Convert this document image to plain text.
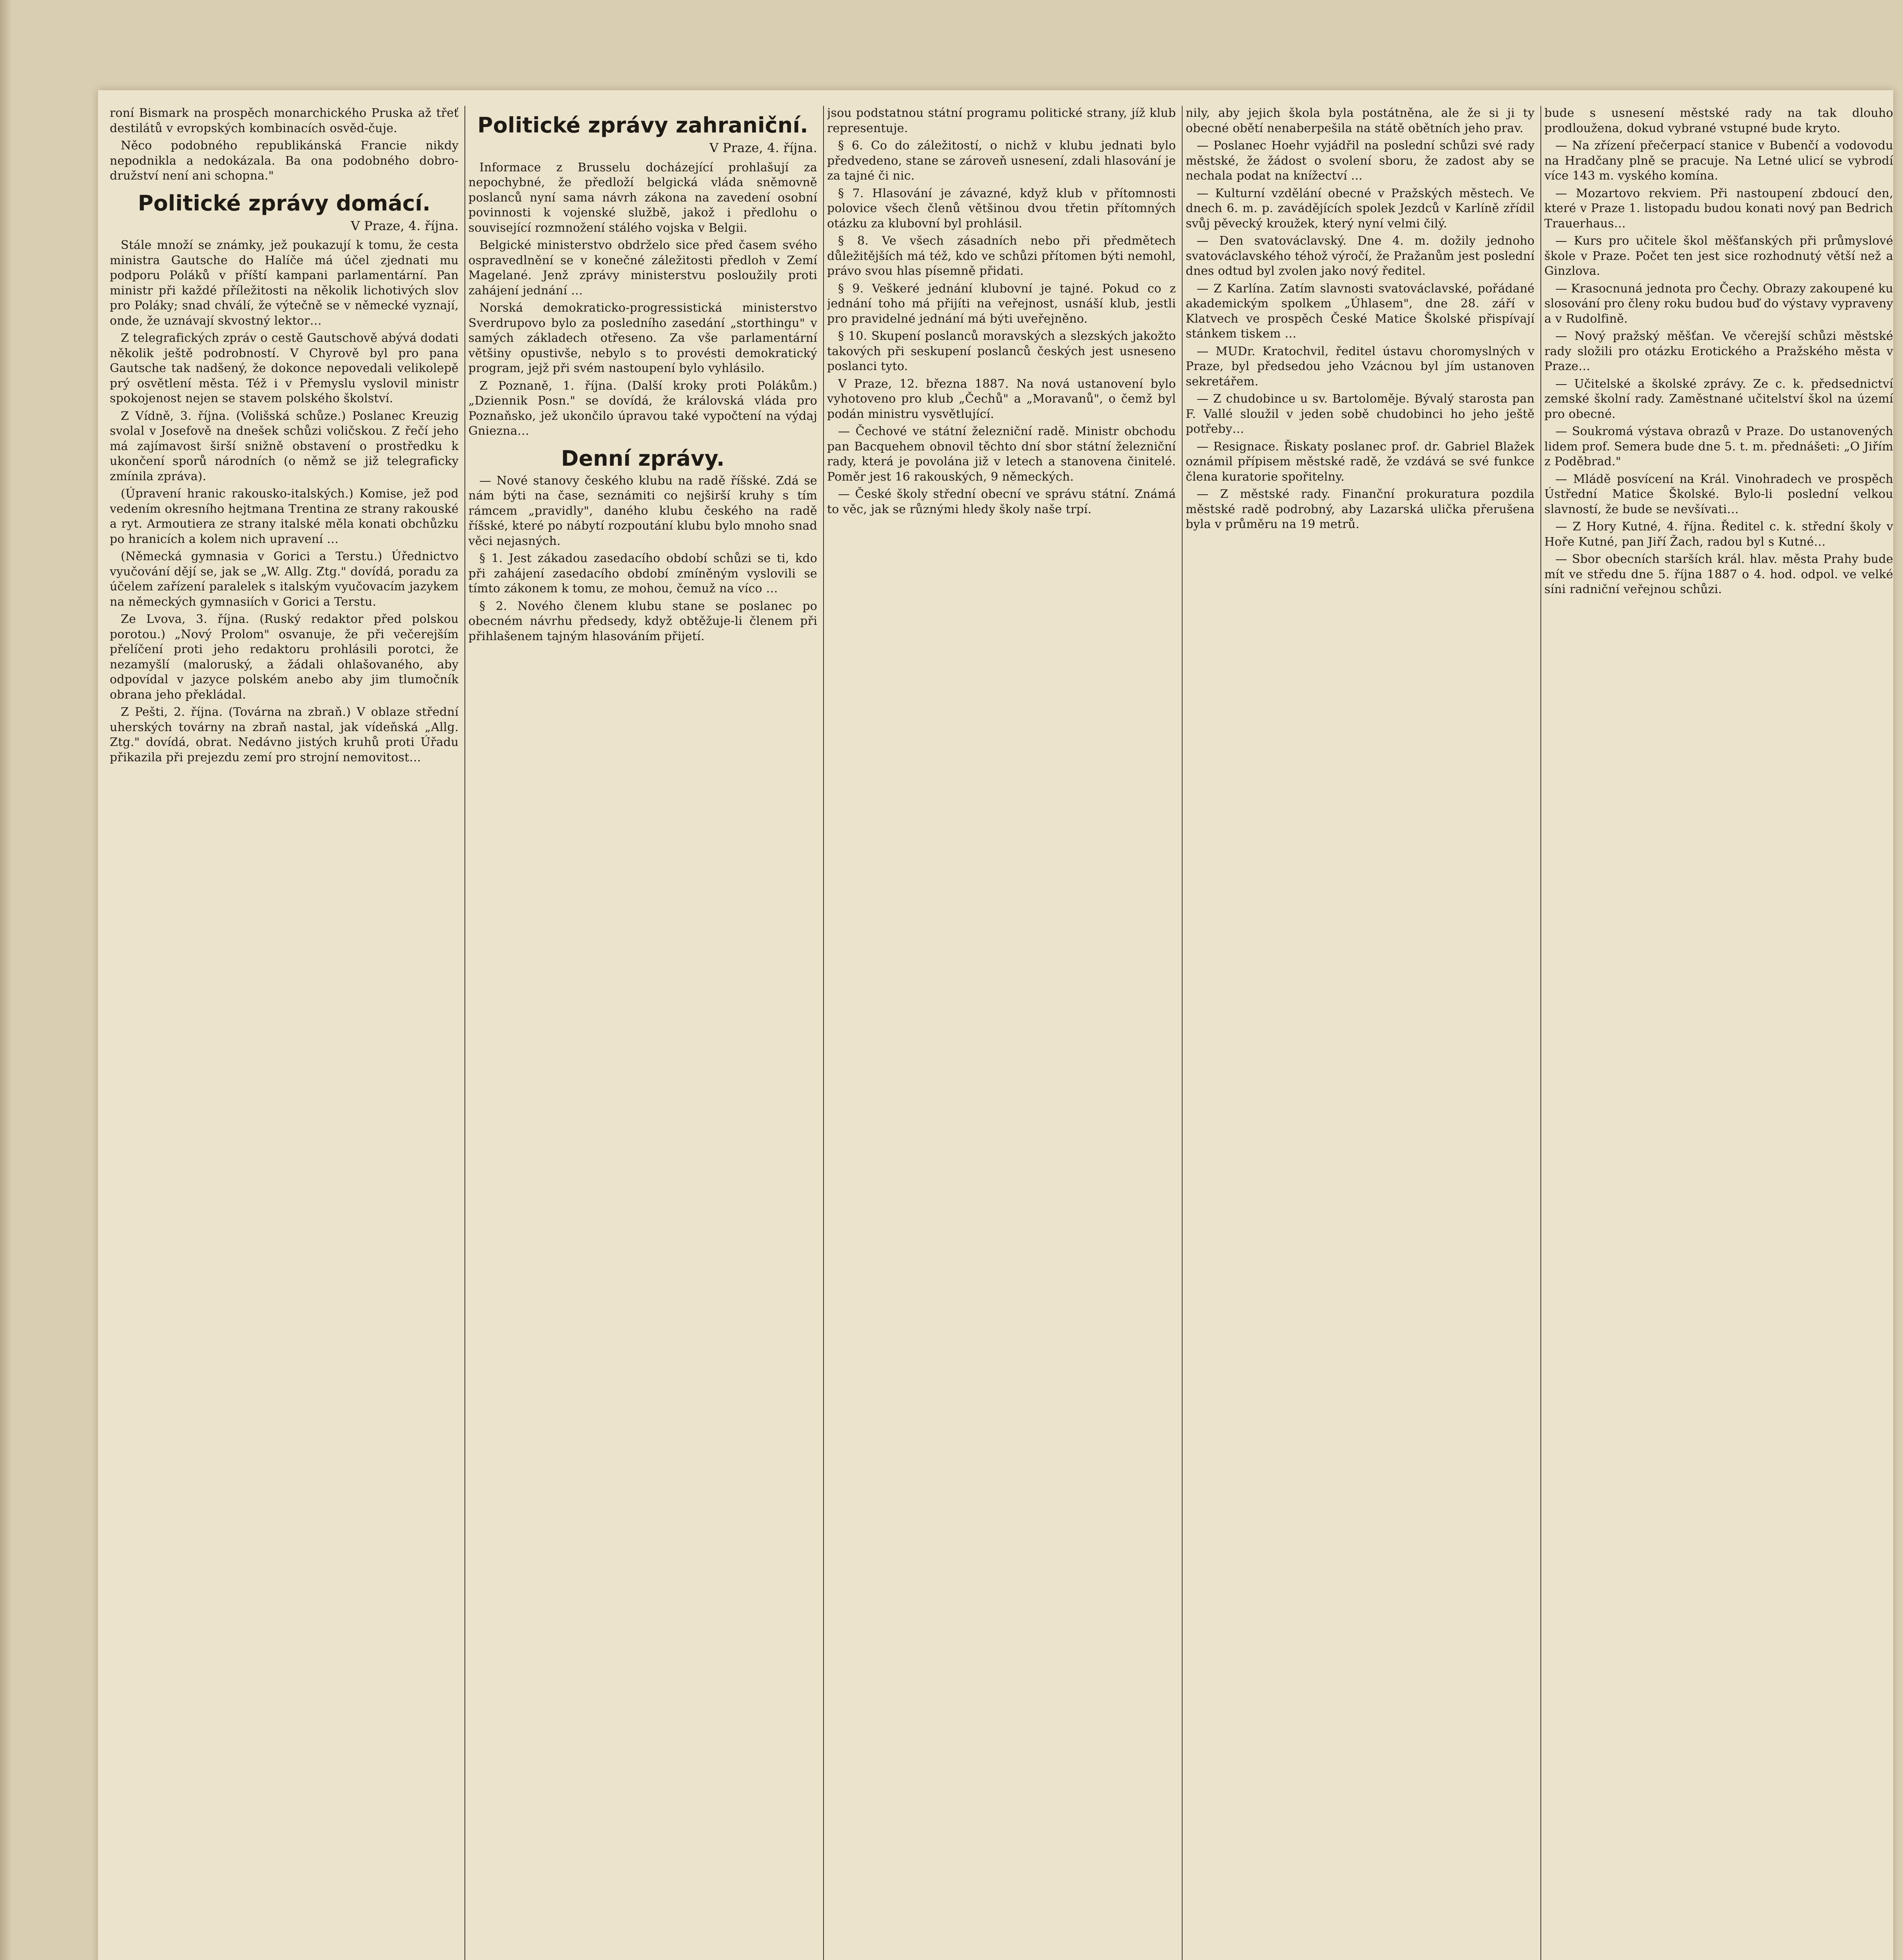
roní Bismark na prospěch monarchického Pruska až třeť destilátů v evropských kombinacích osvěd-čuje.

Něco podobného republikánská Francie nikdy nepodnikla a nedokázala. Ba ona podobného dobro-družství není ani schopna."

Politické zprávy domácí.
V Praze, 4. října.

Stále množí se známky, jež poukazují k tomu, že cesta ministra Gautsche do Halíče má účel zjednati mu podporu Poláků v příští kampani parlamentární. Pan ministr při každé příležitosti na několik lichotivých slov pro Poláky; snad chválí, že výtečně se v německé vyznají, onde, že uznávají skvostný lektor…

Z telegrafických zpráv o cestě Gautschově abývá dodati několik ještě podrobností. V Chyrově byl pro pana Gautsche tak nadšený, že dokonce nepovedali velikolepě prý osvětlení města. Též i v Přemyslu vyslovil ministr spokojenost nejen se stavem polského školství.

Z Vídně, 3. října. (Volišská schůze.) Poslanec Kreuzig svolal v Josefově na dnešek schůzi voličskou. Z řečí jeho má zajímavost širší snižně obstavení o prostředku k ukončení sporů národních (o němž se již telegraficky zmínila zpráva).

(Úpravení hranic rakousko-italských.) Komise, jež pod vedením okresního hejtmana Trentina ze strany rakouské a ryt. Armoutiera ze strany italské měla konati obchůzku po hranicích a kolem nich upravení …

(Německá gymnasia v Gorici a Terstu.) Úřednictvo vyučování dějí se, jak se „W. Allg. Ztg." dovídá, poradu za účelem zařízení paralelek s italským vyučovacím jazykem na německých gymnasiích v Gorici a Terstu.

Ze Lvova, 3. října. (Ruský redaktor před polskou porotou.) „Nový Prolom" osvanuje, že při večerejším přelíčení proti jeho redaktoru prohlásili porotci, že nezamyšlí (maloruský, a žádali ohlašovaného, aby odpovídal v jazyce polském anebo aby jim tlumočník obrana jeho překládal.

Z Pešti, 2. října. (Továrna na zbraň.) V oblaze střední uherských továrny na zbraň nastal, jak vídeňská „Allg. Ztg." dovídá, obrat. Nedávno jistých kruhů proti Úřadu přikazila při prejezdu zemí pro strojní nemovitost…

Politické zprávy zahraniční.
V Praze, 4. října.

Informace z Brusselu docházející prohlašují za nepochybné, že předloží belgická vláda sněmovně poslanců nyní sama návrh zákona na zavedení osobní povinnosti k vojenské službě, jakož i předlohu o související rozmnožení stálého vojska v Belgii.

Belgické ministerstvo obdrželo sice před časem svého ospravedlnění se v konečné záležitosti předloh v Zemí Magelané. Jenž zprávy ministerstvu posloužily proti zahájení jednání …

Norská demokraticko-progressistická ministerstvo Sverdrupovo bylo za posledního zasedání „storthingu" v samých základech otřeseno. Za vše parlamentární většiny opustivše, nebylo s to provésti demokratický program, jejž při svém nastoupení bylo vyhlásilo.

Z Poznaně, 1. října. (Další kroky proti Polákům.) „Dziennik Posn." se dovídá, že královská vláda pro Poznaňsko, jež ukončilo úpravou také vypočtení na výdaj Gniezna…

Denní zprávy.

— Nové stanovy českého klubu na radě říšské. Zdá se nám býti na čase, seznámiti co nejširší kruhy s tím rámcem „pravidly", daného klubu českého na radě říšské, které po nábytí rozpoutání klubu bylo mnoho snad věci nejasných.

§ 1. Jest zákadou zasedacího období schůzi se ti, kdo při zahájení zasedacího období zmíněným vyslovili se tímto zákonem k tomu, ze mohou, čemuž na víco …

§ 2. Nového členem klubu stane se poslanec po obecném návrhu předsedy, když obtěžuje-li členem při přihlašenem tajným hlasováním přijetí.

jsou podstatnou státní programu politické strany, jíž klub representuje.

§ 6. Co do záležitostí, o nichž v klubu jednati bylo předvedeno, stane se zároveň usnesení, zdali hlasování je za tajné či nic.

§ 7. Hlasování je závazné, když klub v přítomnosti polovice všech členů většinou dvou třetin přítomných otázku za klubovní byl prohlásil.

§ 8. Ve všech zásadních nebo při předmětech důležitějších má též, kdo ve schůzi přítomen býti nemohl, právo svou hlas písemně přidati.

§ 9. Veškeré jednání klubovní je tajné. Pokud co z jednání toho má přijíti na veřejnost, usnáší klub, jestli pro pravidelné jednání má býti uveřejněno.

§ 10. Skupení poslanců moravských a slezských jakožto takových při seskupení poslanců českých jest usneseno poslanci tyto.

V Praze, 12. března 1887. Na nová ustanovení bylo vyhotoveno pro klub „Čechů" a „Moravanů", o čemž byl podán ministru vysvětlující.

— Čechové ve státní železniční radě. Ministr obchodu pan Bacquehem obnovil těchto dní sbor státní železniční rady, která je povolána již v letech a stanovena činitelé. Poměr jest 16 rakouských, 9 německých.

— České školy střední obecní ve správu státní. Známá to věc, jak se různými hledy školy naše trpí.

nily, aby jejich škola byla postátněna, ale že si ji ty obecné obětí nenaberpešila na státě obětních jeho prav.

— Poslanec Hoehr vyjádřil na poslední schůzi své rady městské, že žádost o svolení sboru, že zadost aby se nechala podat na knížectví ...

— Kulturní vzdělání obecné v Pražských městech. Ve dnech 6. m. p. zavádějících spolek Jezdců v Karlíně zřídil svůj pěvecký kroužek, který nyní velmi čilý.

— Den svatováclavský. Dne 4. m. dožily jednoho svatováclavského téhož výročí, že Pražanům jest poslední dnes odtud byl zvolen jako nový ředitel.

— Z Karlína. Zatím slavnosti svatováclavské, pořádané akademickým spolkem „Úhlasem", dne 28. září v Klatvech ve prospěch České Matice Školské přispívají stánkem tiskem …

— MUDr. Kratochvil, ředitel ústavu choromyslných v Praze, byl předsedou jeho Vzácnou byl jím ustanoven sekretářem.

— Z chudobince u sv. Bartoloměje. Bývalý starosta pan F. Vallé sloužil v jeden sobě chudobinci ho jeho ještě potřeby…

— Resignace. Řiskaty poslanec prof. dr. Gabriel Blažek oznámil přípisem městské radě, že vzdává se své funkce člena kuratorie spořitelny.

— Z městské rady. Finanční prokuratura pozdila městské radě podrobný, aby Lazarská ulička přerušena byla v průměru na 19 metrů.

bude s usnesení městské rady na tak dlouho prodloužena, dokud vybrané vstupné bude kryto.

— Na zřízení přečerpací stanice v Bubenčí a vodovodu na Hradčany plně se pracuje. Na Letné ulicí se vybrodí více 143 m. vyského komína.

— Mozartovo rekviem. Při nastoupení zbdoucí den, které v Praze 1. listopadu budou konati nový pan Bedrich Trauerhaus…

— Kurs pro učitele škol měšťanských při průmyslové škole v Praze. Počet ten jest sice rozhodnutý větší než a Ginzlova.

— Krasocnuná jednota pro Čechy. Obrazy zakoupené ku slosování pro členy roku budou buď do výstavy vypraveny a v Rudolfině.

— Nový pražský měšťan. Ve včerejší schůzi městské rady složili pro otázku Erotického a Pražského města v Praze…

— Učitelské a školské zprávy. Ze c. k. předsednictví zemské školní rady. Zaměstnané učitelství škol na území pro obecné.

— Soukromá výstava obrazů v Praze. Do ustanovených lidem prof. Semera bude dne 5. t. m. přednášeti: „O Jiřím z Poděbrad."

— Mládě posvícení na Král. Vinohradech ve prospěch Ústřední Matice Školské. Bylo-li poslední velkou slavností, že bude se nevšívati…

— Z Hory Kutné, 4. října. Ředitel c. k. střední školy v Hoře Kutné, pan Jiří Žach, radou byl s Kutné…

— Sbor obecních starších král. hlav. města Prahy bude mít ve středu dne 5. října 1887 o 4. hod. odpol. ve velké síni radniční veřejnou schůzi.
